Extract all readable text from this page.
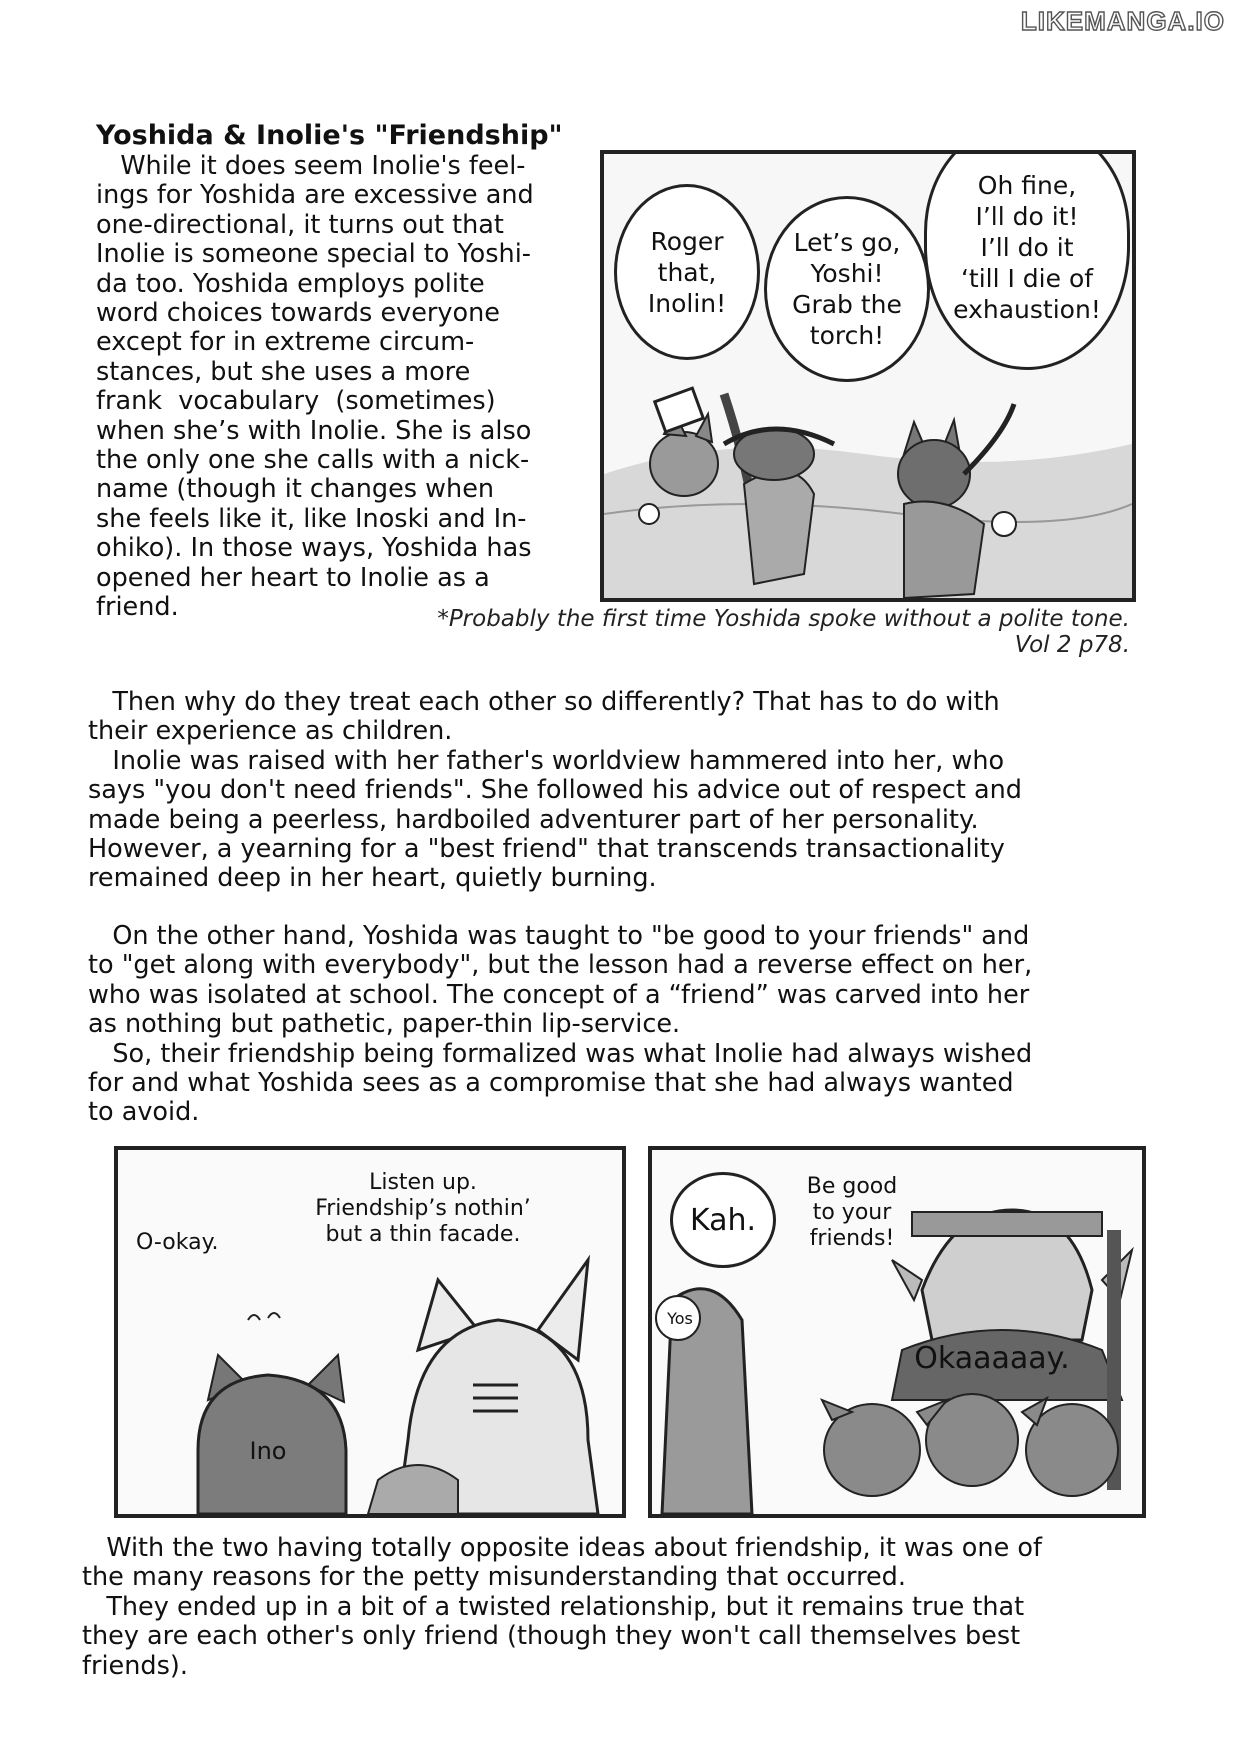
LIKEMANGA.IO
Yoshida & Inolie's "Friendship"

While it does seem Inolie's feel-

ings for Yoshida are excessive and

one-directional, it turns out that

Inolie is someone special to Yoshi-

da too. Yoshida employs polite

word choices towards everyone

except for in extreme circum-

stances, but she uses a more

frank  vocabulary  (sometimes)

when she’s with Inolie. She is also

the only one she calls with a nick-

name (though it changes when

she feels like it, like Inoski and In-

ohiko). In those ways, Yoshida has

opened her heart to Inolie as a

friend.

Roger
that,
Inolin!
Let’s go,
Yoshi!
Grab the
torch!
Oh fine,
I’ll do it!
I’ll do it
‘till I die of
exhaustion!
*Probably the first time Yoshida spoke without a polite tone.
Vol 2 p78.

Then why do they treat each other so differently? That has to do with

their experience as children.

Inolie was raised with her father's worldview hammered into her, who

says "you don't need friends". She followed his advice out of respect and

made being a peerless, hardboiled adventurer part of her personality.

However, a yearning for a "best friend" that transcends transactionality

remained deep in her heart, quietly burning.

On the other hand, Yoshida was taught to "be good to your friends" and

to "get along with everybody", but the lesson had a reverse effect on her,

who was isolated at school. The concept of a “friend” was carved into her

as nothing but pathetic, paper-thin lip-service.

So, their friendship being formalized was what Inolie had always wished

for and what Yoshida sees as a compromise that she had always wanted

to avoid.

O-okay.
Listen up.
Friendship’s nothin’
but a thin facade.
Ino
Kah.
Be good
to your
friends!
Yos
Okaaaaay.

With the two having totally opposite ideas about friendship, it was one of

the many reasons for the petty misunderstanding that occurred.

They ended up in a bit of a twisted relationship, but it remains true that

they are each other's only friend (though they won't call themselves best

friends).
